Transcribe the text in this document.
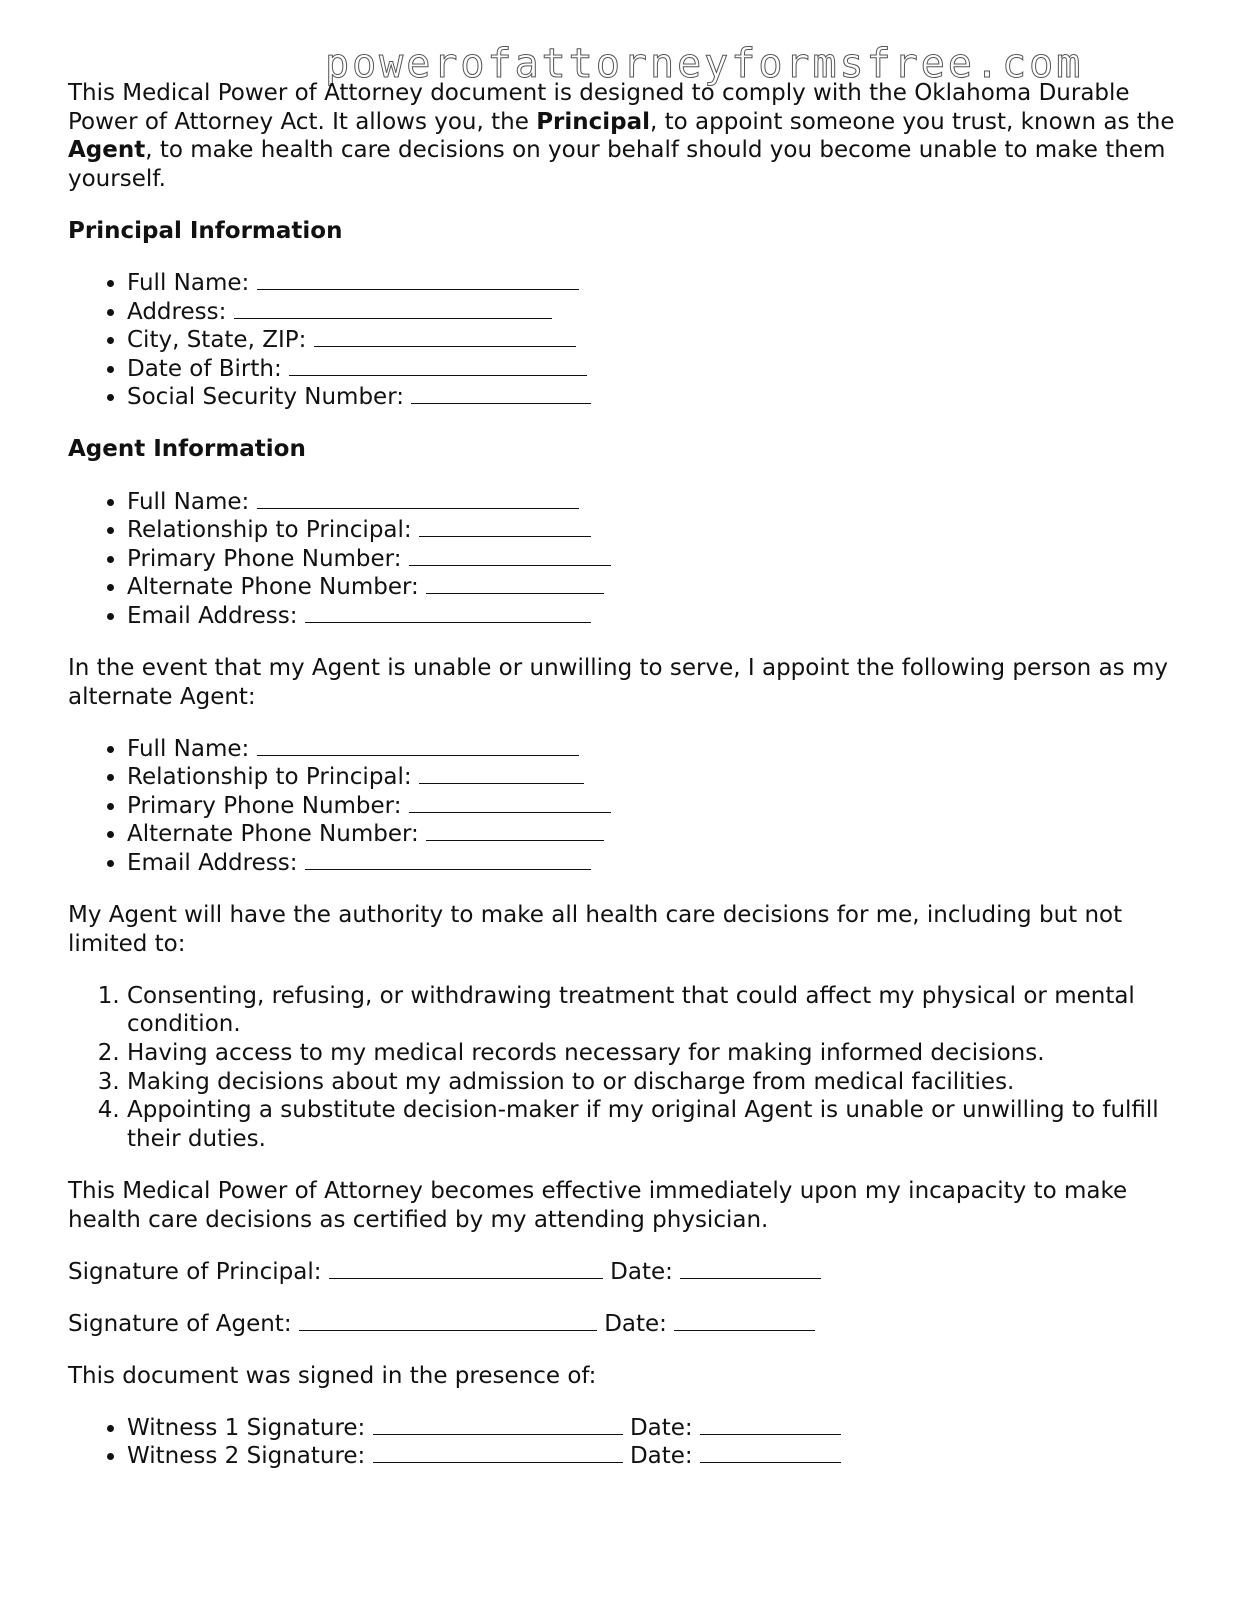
powerofattorneyformsfree.com

This Medical Power of Attorney document is designed to comply with the Oklahoma Durable Power of Attorney Act. It allows you, the Principal, to appoint someone you trust, known as the Agent, to make health care decisions on your behalf should you become unable to make them yourself.

Principal Information
• Full Name:
• Address:
• City, State, ZIP:
• Date of Birth:
• Social Security Number:
Agent Information
• Full Name:
• Relationship to Principal:
• Primary Phone Number:
• Alternate Phone Number:
• Email Address:

In the event that my Agent is unable or unwilling to serve, I appoint the following person as my alternate Agent:

• Full Name:
• Relationship to Principal:
• Primary Phone Number:
• Alternate Phone Number:
• Email Address:

My Agent will have the authority to make all health care decisions for me, including but not limited to:

1. Consenting, refusing, or withdrawing treatment that could affect my physical or mental condition.
2. Having access to my medical records necessary for making informed decisions.
3. Making decisions about my admission to or discharge from medical facilities.
4. Appointing a substitute decision-maker if my original Agent is unable or unwilling to fulfill their duties.

This Medical Power of Attorney becomes effective immediately upon my incapacity to make health care decisions as certified by my attending physician.

Signature of Principal:	Date:

Signature of Agent:	Date:

This document was signed in the presence of:

• Witness 1 Signature:	Date:
• Witness 2 Signature:	Date:
